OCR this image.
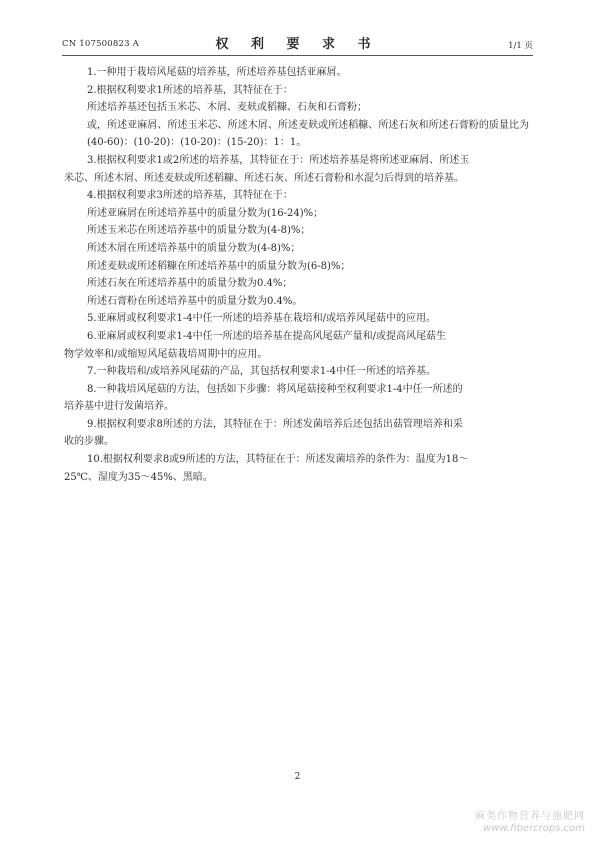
CN 107500823 A	权 利 要 求 书	1/1 页

1.一种用于栽培风尾菇的培养基，所述培养基包括亚麻屑。

2.根据权利要求1所述的培养基，其特征在于：

所述培养基还包括玉米芯、木屑、麦麸或稻糠、石灰和石膏粉；

或，所述亚麻屑、所述玉米芯、所述木屑、所述麦麸或所述稻糠、所述石灰和所述石膏粉的质量比为(40-60)：(10-20)：(10-20)：(15-20)：1：1。

3.根据权利要求1或2所述的培养基，其特征在于：所述培养基是将所述亚麻屑、所述玉

米芯、所述木屑、所述麦麸或所述稻糠、所述石灰、所述石膏粉和水混匀后得到的培养基。

4.根据权利要求3所述的培养基，其特征在于：

所述亚麻屑在所述培养基中的质量分数为(16-24)%；

所述玉米芯在所述培养基中的质量分数为(4-8)%；

所述木屑在所述培养基中的质量分数为(4-8)%；

所述麦麸或所述稻糠在所述培养基中的质量分数为(6-8)%；

所述石灰在所述培养基中的质量分数为0.4%；

所述石膏粉在所述培养基中的质量分数为0.4%。

5.亚麻屑或权利要求1-4中任一所述的培养基在栽培和/或培养风尾菇中的应用。

6.亚麻屑或权利要求1-4中任一所述的培养基在提高风尾菇产量和/或提高风尾菇生

物学效率和/或缩短风尾菇栽培周期中的应用。

7.一种栽培和/或培养风尾菇的产品，其包括权利要求1-4中任一所述的培养基。

8.一种栽培风尾菇的方法，包括如下步骤：将风尾菇接种至权利要求1-4中任一所述的

培养基中进行发菌培养。

9.根据权利要求8所述的方法，其特征在于：所述发菌培养后还包括出菇管理培养和采

收的步骤。

10.根据权利要求8或9所述的方法，其特征在于：所述发菌培养的条件为：温度为18～

25℃、湿度为35～45%、黑暗。

2
麻类作物营养与施肥网
www.fibercrops.com
